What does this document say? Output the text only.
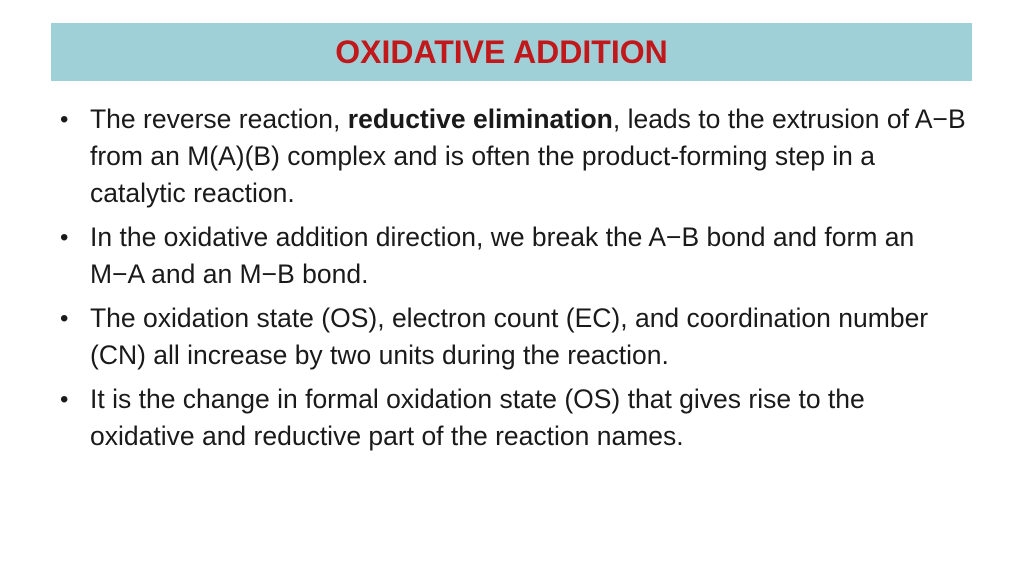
OXIDATIVE ADDITION
• The reverse reaction, reductive elimination, leads to the extrusion of A−B from an M(A)(B) complex and is often the product-forming step in a catalytic reaction.
• In the oxidative addition direction, we break the A−B bond and form an M−A and an M−B bond.
• The oxidation state (OS), electron count (EC), and coordination number (CN) all increase by two units during the reaction.
• It is the change in formal oxidation state (OS) that gives rise to the oxidative and reductive part of the reaction names.
